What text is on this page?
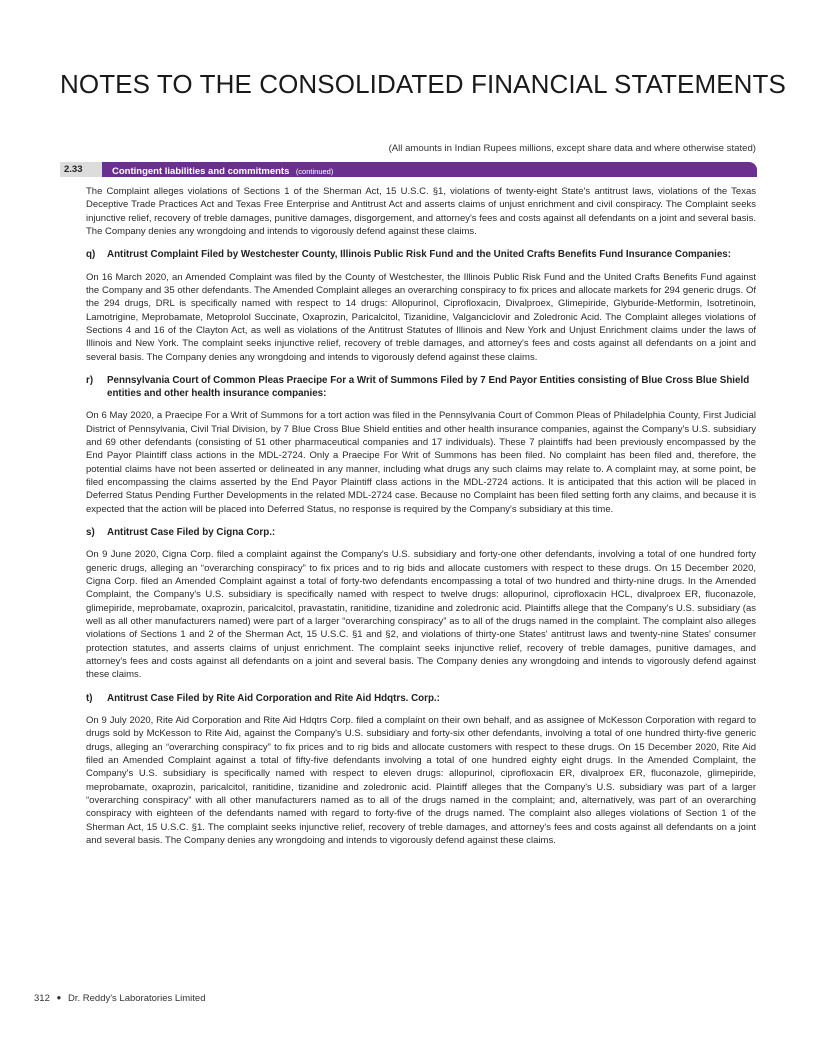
NOTES TO THE CONSOLIDATED FINANCIAL STATEMENTS
(All amounts in Indian Rupees millions, except share data and where otherwise stated)
2.33	Contingent liabilities and commitments (continued)

The Complaint alleges violations of Sections 1 of the Sherman Act, 15 U.S.C. §1, violations of twenty-eight State's antitrust laws, violations of the Texas Deceptive Trade Practices Act and Texas Free Enterprise and Antitrust Act and asserts claims of unjust enrichment and civil conspiracy. The Complaint seeks injunctive relief, recovery of treble damages, punitive damages, disgorgement, and attorney's fees and costs against all defendants on a joint and several basis. The Company denies any wrongdoing and intends to vigorously defend against these claims.

q) Antitrust Complaint Filed by Westchester County, Illinois Public Risk Fund and the United Crafts Benefits Fund Insurance Companies:

On 16 March 2020, an Amended Complaint was filed by the County of Westchester, the Illinois Public Risk Fund and the United Crafts Benefits Fund against the Company and 35 other defendants. The Amended Complaint alleges an overarching conspiracy to fix prices and allocate markets for 294 generic drugs. Of the 294 drugs, DRL is specifically named with respect to 14 drugs: Allopurinol, Ciprofloxacin, Divalproex, Glimepiride, Glyburide-Metformin, Isotretinoin, Lamotrigine, Meprobamate, Metoprolol Succinate, Oxaprozin, Paricalcitol, Tizanidine, Valganciclovir and Zoledronic Acid. The Complaint alleges violations of Sections 4 and 16 of the Clayton Act, as well as violations of the Antitrust Statutes of Illinois and New York and Unjust Enrichment claims under the laws of Illinois and New York. The complaint seeks injunctive relief, recovery of treble damages, and attorney's fees and costs against all defendants on a joint and several basis. The Company denies any wrongdoing and intends to vigorously defend against these claims.

r) Pennsylvania Court of Common Pleas Praecipe For a Writ of Summons Filed by 7 End Payor Entities consisting of Blue Cross Blue Shield entities and other health insurance companies:

On 6 May 2020, a Praecipe For a Writ of Summons for a tort action was filed in the Pennsylvania Court of Common Pleas of Philadelphia County, First Judicial District of Pennsylvania, Civil Trial Division, by 7 Blue Cross Blue Shield entities and other health insurance companies, against the Company's U.S. subsidiary and 69 other defendants (consisting of 51 other pharmaceutical companies and 17 individuals). These 7 plaintiffs had been previously encompassed by the End Payor Plaintiff class actions in the MDL-2724. Only a Praecipe For Writ of Summons has been filed. No complaint has been filed and, therefore, the potential claims have not been asserted or delineated in any manner, including what drugs any such claims may relate to. A complaint may, at some point, be filed encompassing the claims asserted by the End Payor Plaintiff class actions in the MDL-2724 actions. It is anticipated that this action will be placed in Deferred Status Pending Further Developments in the related MDL-2724 case. Because no Complaint has been filed setting forth any claims, and because it is expected that the action will be placed into Deferred Status, no response is required by the Company's subsidiary at this time.

s) Antitrust Case Filed by Cigna Corp.:

On 9 June 2020, Cigna Corp. filed a complaint against the Company's U.S. subsidiary and forty-one other defendants, involving a total of one hundred forty generic drugs, alleging an “overarching conspiracy” to fix prices and to rig bids and allocate customers with respect to these drugs. On 15 December 2020, Cigna Corp. filed an Amended Complaint against a total of forty-two defendants encompassing a total of two hundred and thirty-nine drugs. In the Amended Complaint, the Company's U.S. subsidiary is specifically named with respect to twelve drugs: allopurinol, ciprofloxacin HCL, divalproex ER, fluconazole, glimepiride, meprobamate, oxaprozin, paricalcitol, pravastatin, ranitidine, tizanidine and zoledronic acid. Plaintiffs allege that the Company's U.S. subsidiary (as well as all other manufacturers named) were part of a larger “overarching conspiracy” as to all of the drugs named in the complaint. The complaint also alleges violations of Sections 1 and 2 of the Sherman Act, 15 U.S.C. §1 and §2, and violations of thirty-one States' antitrust laws and twenty-nine States' consumer protection statutes, and asserts claims of unjust enrichment. The complaint seeks injunctive relief, recovery of treble damages, punitive damages, and attorney's fees and costs against all defendants on a joint and several basis. The Company denies any wrongdoing and intends to vigorously defend against these claims.

t) Antitrust Case Filed by Rite Aid Corporation and Rite Aid Hdqtrs. Corp.:

On 9 July 2020, Rite Aid Corporation and Rite Aid Hdqtrs Corp. filed a complaint on their own behalf, and as assignee of McKesson Corporation with regard to drugs sold by McKesson to Rite Aid, against the Company's U.S. subsidiary and forty-six other defendants, involving a total of one hundred thirty-five generic drugs, alleging an “overarching conspiracy” to fix prices and to rig bids and allocate customers with respect to these drugs. On 15 December 2020, Rite Aid filed an Amended Complaint against a total of fifty-five defendants involving a total of one hundred eighty eight drugs. In the Amended Complaint, the Company's U.S. subsidiary is specifically named with respect to eleven drugs: allopurinol, ciprofloxacin ER, divalproex ER, fluconazole, glimepiride, meprobamate, oxaprozin, paricalcitol, ranitidine, tizanidine and zoledronic acid. Plaintiff alleges that the Company's U.S. subsidiary was part of a larger “overarching conspiracy” with all other manufacturers named as to all of the drugs named in the complaint; and, alternatively, was part of an overarching conspiracy with eighteen of the defendants named with regard to forty-five of the drugs named. The complaint also alleges violations of Section 1 of the Sherman Act, 15 U.S.C. §1. The complaint seeks injunctive relief, recovery of treble damages, and attorney's fees and costs against all defendants on a joint and several basis. The Company denies any wrongdoing and intends to vigorously defend against these claims.

312 ● Dr. Reddy's Laboratories Limited
